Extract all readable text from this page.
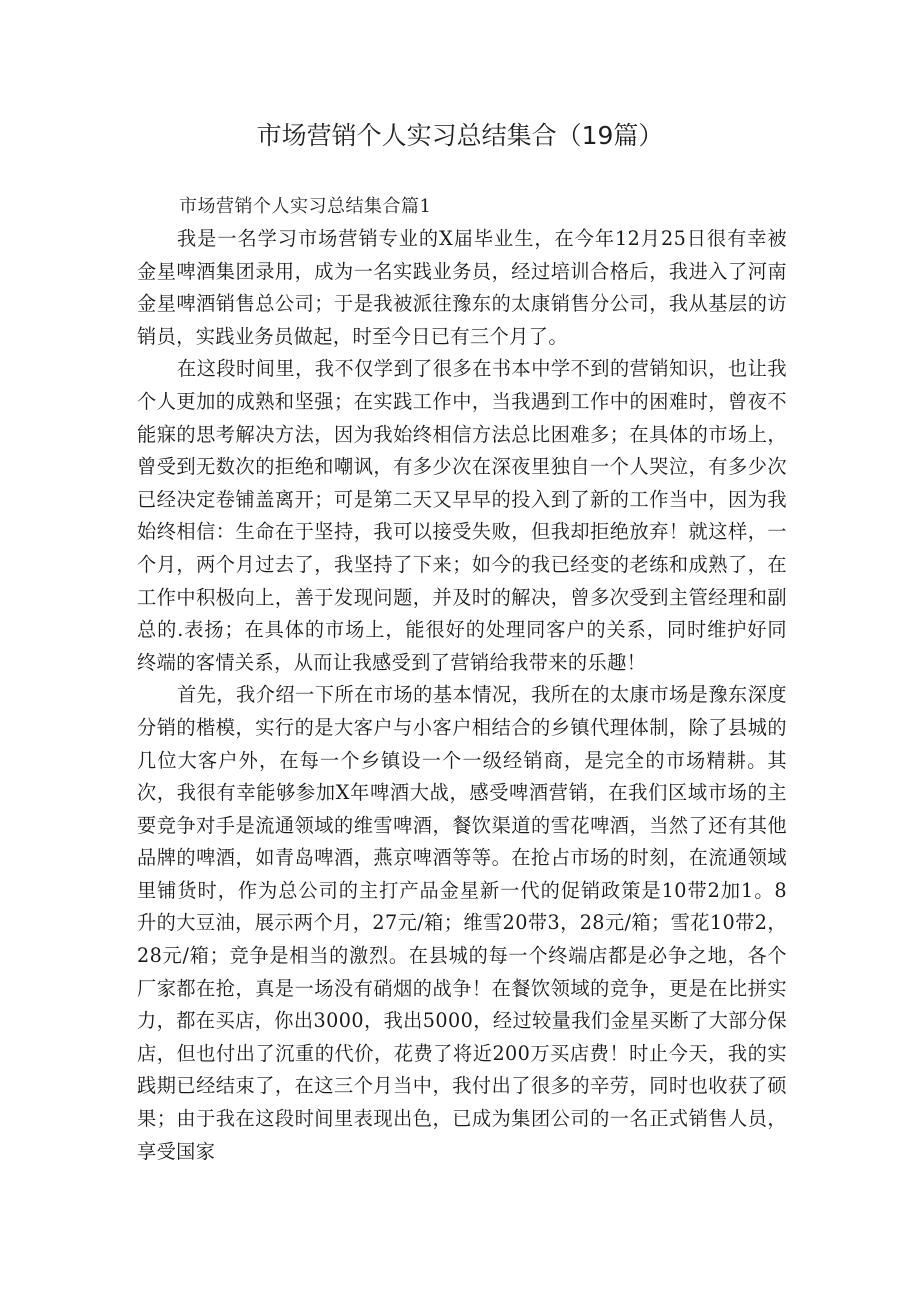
市场营销个人实习总结集合（19篇）
市场营销个人实习总结集合篇1

我是一名学习市场营销专业的X届毕业生，在今年12月25日很有幸被金星啤酒集团录用，成为一名实践业务员，经过培训合格后，我进入了河南金星啤酒销售总公司；于是我被派往豫东的太康销售分公司，我从基层的访销员，实践业务员做起，时至今日已有三个月了。

在这段时间里，我不仅学到了很多在书本中学不到的营销知识，也让我个人更加的成熟和坚强；在实践工作中，当我遇到工作中的困难时，曾夜不能寐的思考解决方法，因为我始终相信方法总比困难多；在具体的市场上，曾受到无数次的拒绝和嘲讽，有多少次在深夜里独自一个人哭泣，有多少次已经决定卷铺盖离开；可是第二天又早早的投入到了新的工作当中，因为我始终相信：生命在于坚持，我可以接受失败，但我却拒绝放弃！就这样，一个月，两个月过去了，我坚持了下来；如今的我已经变的老练和成熟了，在工作中积极向上，善于发现问题，并及时的解决，曾多次受到主管经理和副总的.表扬；在具体的市场上，能很好的处理同客户的关系，同时维护好同终端的客情关系，从而让我感受到了营销给我带来的乐趣！

首先，我介绍一下所在市场的基本情况，我所在的太康市场是豫东深度分销的楷模，实行的是大客户与小客户相结合的乡镇代理体制，除了县城的几位大客户外，在每一个乡镇设一个一级经销商，是完全的市场精耕。其次，我很有幸能够参加X年啤酒大战，感受啤酒营销，在我们区域市场的主要竞争对手是流通领域的维雪啤酒，餐饮渠道的雪花啤酒，当然了还有其他品牌的啤酒，如青岛啤酒，燕京啤酒等等。在抢占市场的时刻，在流通领域里铺货时，作为总公司的主打产品金星新一代的促销政策是10带2加1。8升的大豆油，展示两个月，27元/箱；维雪20带3，28元/箱；雪花10带2，28元/箱；竞争是相当的激烈。在县城的每一个终端店都是必争之地，各个厂家都在抢，真是一场没有硝烟的战争！在餐饮领域的竞争，更是在比拼实力，都在买店，你出3000，我出5000，经过较量我们金星买断了大部分保店，但也付出了沉重的代价，花费了将近200万买店费！时止今天，我的实践期已经结束了，在这三个月当中，我付出了很多的辛劳，同时也收获了硕果；由于我在这段时间里表现出色，已成为集团公司的一名正式销售人员，享受国家
